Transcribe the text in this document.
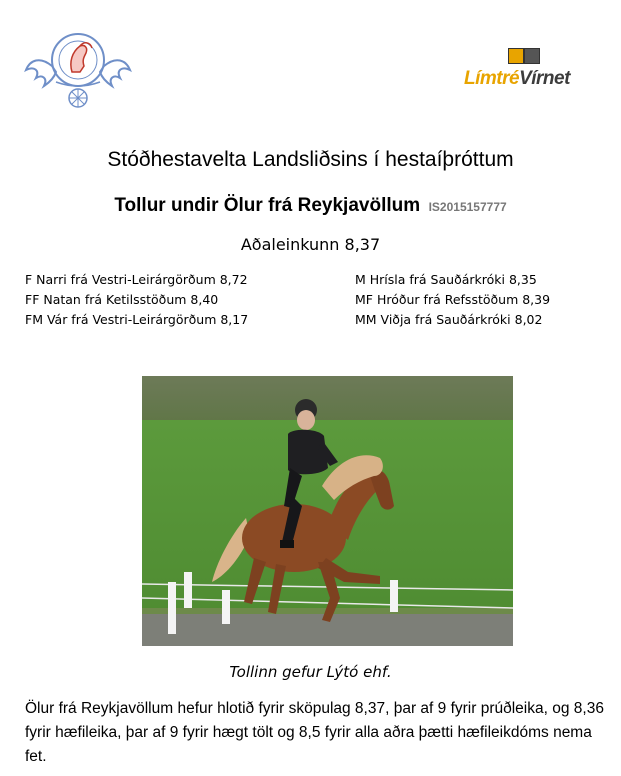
LímtréVírnet
Stóðhestavelta Landsliðsins í hestaíþróttum
Tollur undir Ölur frá Reykjavöllum IS2015157777
Aðaleinkunn 8,37
F Narri frá Vestri-Leirárgörðum 8,72
FF Natan frá Ketilsstöðum 8,40
FM Vár frá Vestri-Leirárgörðum 8,17
M Hrísla frá Sauðárkróki 8,35
MF Hróður frá Refsstöðum 8,39
MM Viðja frá Sauðárkróki 8,02
Tollinn gefur Lýtó ehf.
Ölur frá Reykjavöllum hefur hlotið fyrir sköpulag 8,37, þar af 9 fyrir prúðleika, og 8,36 fyrir hæfileika, þar af 9 fyrir hægt tölt og 8,5 fyrir alla aðra þætti hæfileikdóms nema fet.
